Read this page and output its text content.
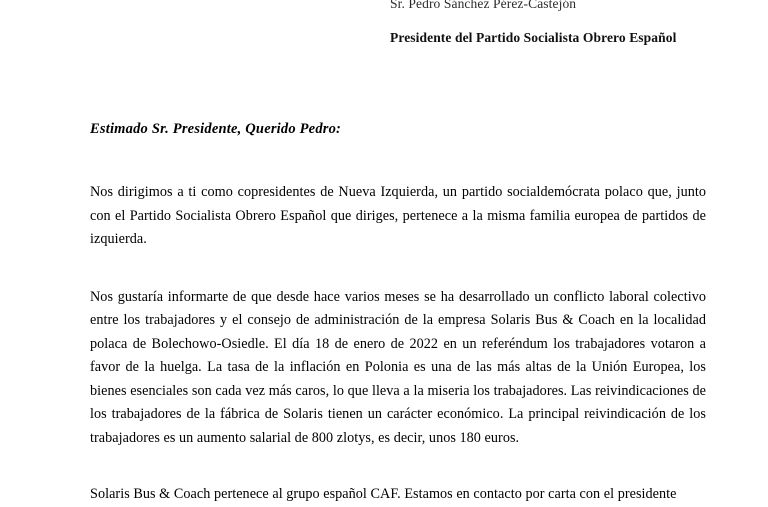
Sr. Pedro Sánchez Pérez-Castejón
Presidente del Partido Socialista Obrero Español
Estimado Sr. Presidente, Querido Pedro:
Nos dirigimos a ti como copresidentes de Nueva Izquierda, un partido socialdemócrata polaco que, junto con el Partido Socialista Obrero Español que diriges, pertenece a la misma familia europea de partidos de izquierda.
Nos gustaría informarte de que desde hace varios meses se ha desarrollado un conflicto laboral colectivo entre los trabajadores y el consejo de administración de la empresa Solaris Bus & Coach en la localidad polaca de Bolechowo-Osiedle. El día 18 de enero de 2022 en un referéndum los trabajadores votaron a favor de la huelga. La tasa de la inflación en Polonia es una de las más altas de la Unión Europea, los bienes esenciales son cada vez más caros, lo que lleva a la miseria los trabajadores. Las reivindicaciones de los trabajadores de la fábrica de Solaris tienen un carácter económico. La principal reivindicación de los trabajadores es un aumento salarial de 800 zlotys, es decir, unos 180 euros.
Solaris Bus & Coach pertenece al grupo español CAF. Estamos en contacto por carta con el presidente
